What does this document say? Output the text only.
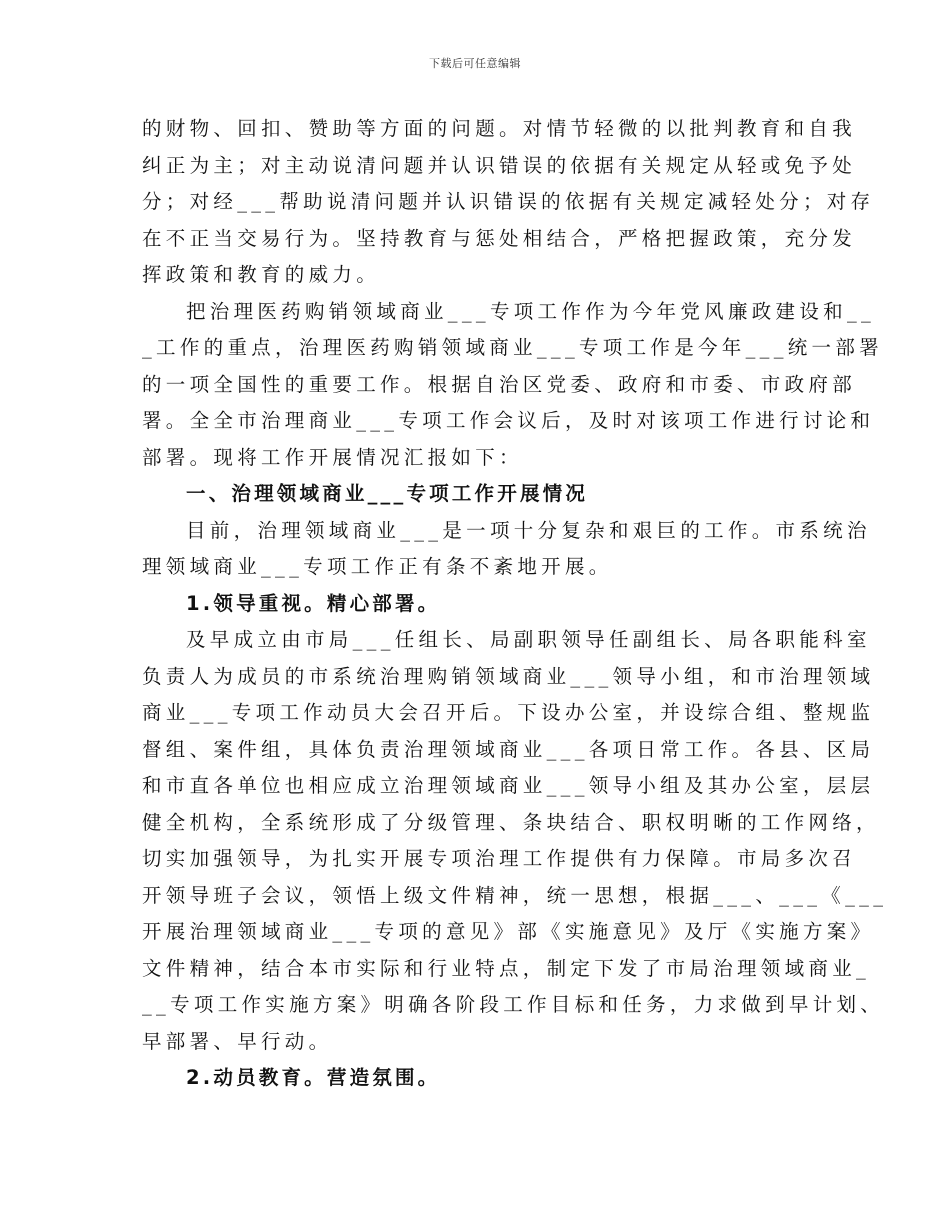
下载后可任意编辑
的财物、回扣、赞助等方面的问题。对情节轻微的以批判教育和自我
纠正为主；对主动说清问题并认识错误的依据有关规定从轻或免予处
分；对经___帮助说清问题并认识错误的依据有关规定减轻处分；对存
在不正当交易行为。坚持教育与惩处相结合，严格把握政策，充分发
挥政策和教育的威力。
把治理医药购销领域商业___专项工作作为今年党风廉政建设和__
_工作的重点，治理医药购销领域商业___专项工作是今年___统一部署
的一项全国性的重要工作。根据自治区党委、政府和市委、市政府部
署。全全市治理商业___专项工作会议后，及时对该项工作进行讨论和
部署。现将工作开展情况汇报如下：
一、治理领域商业___专项工作开展情况
目前，治理领域商业___是一项十分复杂和艰巨的工作。市系统治
理领域商业___专项工作正有条不紊地开展。
1.领导重视。精心部署。
及早成立由市局___任组长、局副职领导任副组长、局各职能科室
负责人为成员的市系统治理购销领域商业___领导小组，和市治理领域
商业___专项工作动员大会召开后。下设办公室，并设综合组、整规监
督组、案件组，具体负责治理领域商业___各项日常工作。各县、区局
和市直各单位也相应成立治理领域商业___领导小组及其办公室，层层
健全机构，全系统形成了分级管理、条块结合、职权明晰的工作网络，
切实加强领导，为扎实开展专项治理工作提供有力保障。市局多次召
开领导班子会议，领悟上级文件精神，统一思想，根据___、___《___
开展治理领域商业___专项的意见》部《实施意见》及厅《实施方案》
文件精神，结合本市实际和行业特点，制定下发了市局治理领域商业_
__专项工作实施方案》明确各阶段工作目标和任务，力求做到早计划、
早部署、早行动。
2.动员教育。营造氛围。
